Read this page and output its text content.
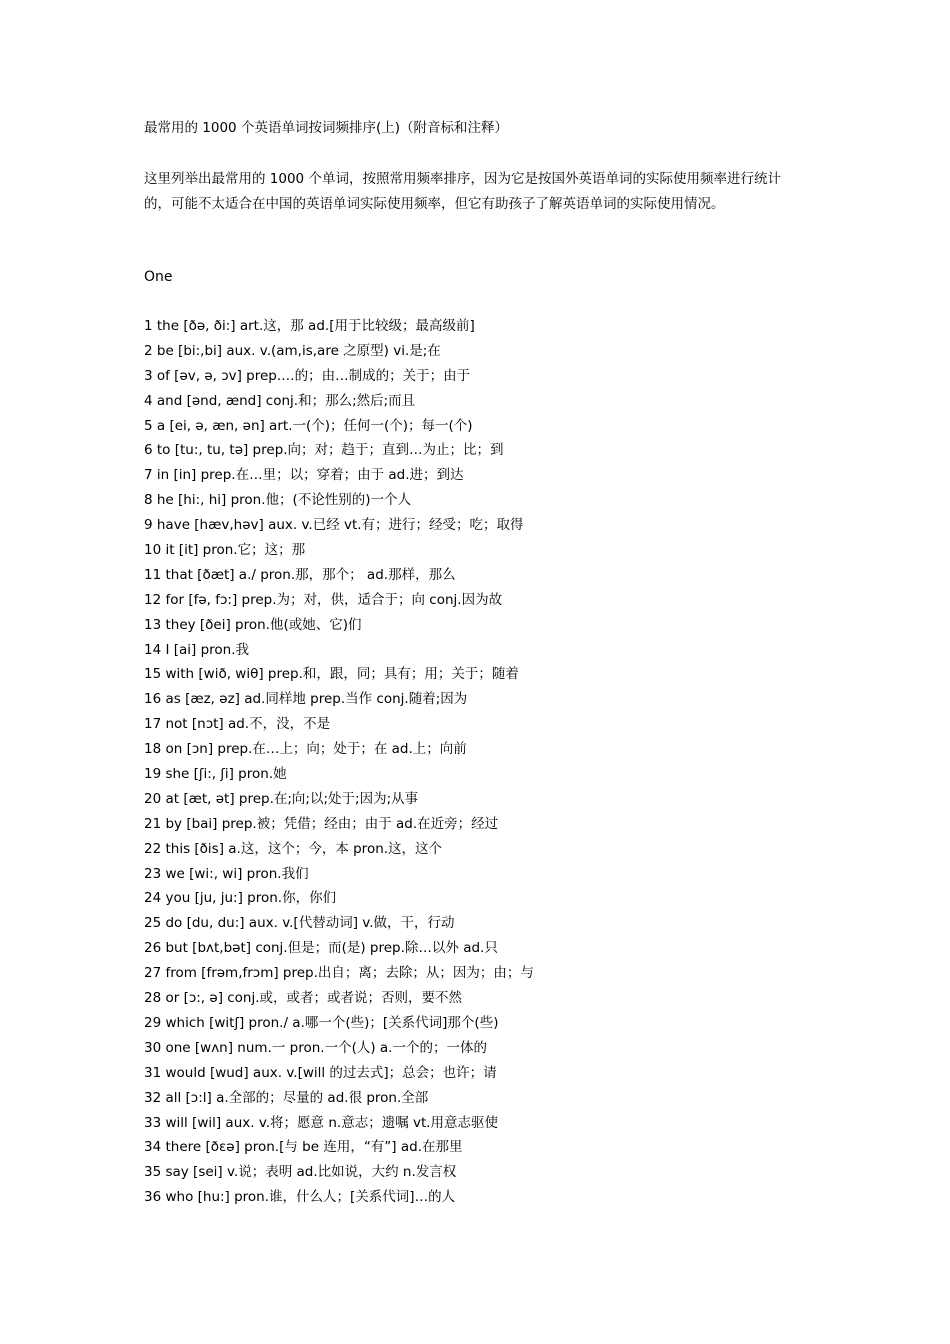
最常用的 1000 个英语单词按词频排序(上)（附音标和注释）
这里列举出最常用的 1000 个单词，按照常用频率排序，因为它是按国外英语单词的实际使用频率进行统计的，可能不太适合在中国的英语单词实际使用频率，但它有助孩子了解英语单词的实际使用情况。
One
1 the [ðə, ði:] art.这，那 ad.[用于比较级；最高级前]
2 be [bi:,bi] aux. v.(am,is,are 之原型) vi.是;在
3 of [əv, ə, ɔv] prep.…的；由…制成的；关于；由于
4 and [ənd, ænd] conj.和；那么;然后;而且
5 a [ei, ə, æn, ən] art.一(个)；任何一(个)；每一(个)
6 to [tu:, tu, tə] prep.向；对；趋于；直到…为止；比；到
7 in [in] prep.在…里；以；穿着；由于 ad.进；到达
8 he [hi:, hi] pron.他；(不论性别的)一个人
9 have [hæv,həv] aux. v.已经 vt.有；进行；经受；吃；取得
10 it [it] pron.它；这；那
11 that [ðæt] a./ pron.那，那个； ad.那样，那么
12 for [fə, fɔ:] prep.为；对，供，适合于；向 conj.因为故
13 they [ðei] pron.他(或她、它)们
14 I [ai] pron.我
15 with [wið, wiθ] prep.和，跟，同；具有；用；关于；随着
16 as [æz, əz] ad.同样地 prep.当作 conj.随着;因为
17 not [nɔt] ad.不，没，不是
18 on [ɔn] prep.在…上；向；处于；在 ad.上；向前
19 she [ʃi:, ʃi] pron.她
20 at [æt, ət] prep.在;向;以;处于;因为;从事
21 by [bai] prep.被；凭借；经由；由于 ad.在近旁；经过
22 this [ðis] a.这，这个；今，本 pron.这，这个
23 we [wi:, wi] pron.我们
24 you [ju, ju:] pron.你，你们
25 do [du, du:] aux. v.[代替动词] v.做，干，行动
26 but [bʌt,bət] conj.但是；而(是) prep.除…以外 ad.只
27 from [frəm,frɔm] prep.出自；离；去除；从；因为；由；与
28 or [ɔ:, ə] conj.或，或者；或者说；否则，要不然
29 which [witʃ] pron./ a.哪一个(些)；[关系代词]那个(些)
30 one [wʌn] num.一 pron.一个(人) a.一个的；一体的
31 would [wud] aux. v.[will 的过去式]；总会；也许；请
32 all [ɔ:l] a.全部的；尽量的 ad.很 pron.全部
33 will [wil] aux. v.将；愿意 n.意志；遗嘱 vt.用意志驱使
34 there [ðɛə] pron.[与 be 连用，“有”] ad.在那里
35 say [sei] v.说；表明 ad.比如说，大约 n.发言权
36 who [hu:] pron.谁，什么人；[关系代词]…的人
